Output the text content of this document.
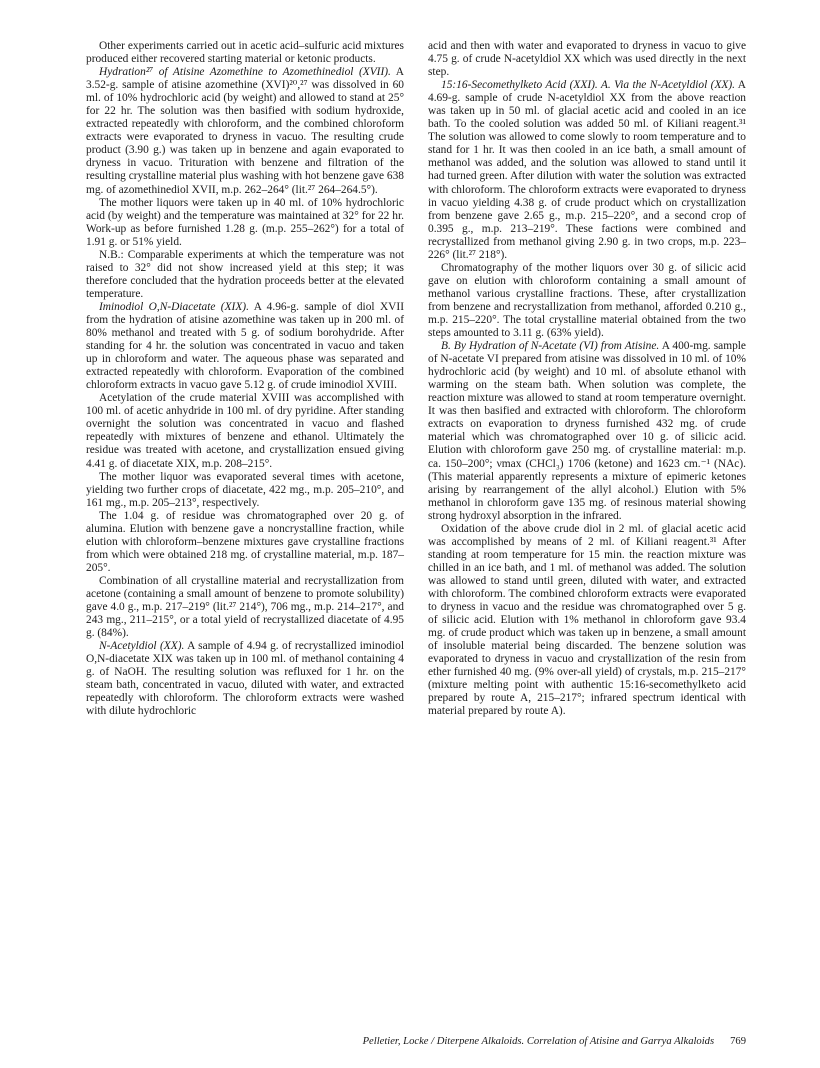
Other experiments carried out in acetic acid–sulfuric acid mixtures produced either recovered starting material or ketonic products.

Hydration²⁷ of Atisine Azomethine to Azomethinediol (XVII). A 3.52-g. sample of atisine azomethine (XVI)²⁰,²⁷ was dissolved in 60 ml. of 10% hydrochloric acid (by weight) and allowed to stand at 25° for 22 hr. The solution was then basified with sodium hydroxide, extracted repeatedly with chloroform, and the combined chloroform extracts were evaporated to dryness in vacuo. The resulting crude product (3.90 g.) was taken up in benzene and again evaporated to dryness in vacuo. Trituration with benzene and filtration of the resulting crystalline material plus washing with hot benzene gave 638 mg. of azomethinediol XVII, m.p. 262–264° (lit.²⁷ 264–264.5°).

The mother liquors were taken up in 40 ml. of 10% hydrochloric acid (by weight) and the temperature was maintained at 32° for 22 hr. Work-up as before furnished 1.28 g. (m.p. 255–262°) for a total of 1.91 g. or 51% yield.

N.B.: Comparable experiments at which the temperature was not raised to 32° did not show increased yield at this step; it was therefore concluded that the hydration proceeds better at the elevated temperature.

Iminodiol O,N-Diacetate (XIX). A 4.96-g. sample of diol XVII from the hydration of atisine azomethine was taken up in 200 ml. of 80% methanol and treated with 5 g. of sodium borohydride. After standing for 4 hr. the solution was concentrated in vacuo and taken up in chloroform and water. The aqueous phase was separated and extracted repeatedly with chloroform. Evaporation of the combined chloroform extracts in vacuo gave 5.12 g. of crude iminodiol XVIII.

Acetylation of the crude material XVIII was accomplished with 100 ml. of acetic anhydride in 100 ml. of dry pyridine. After standing overnight the solution was concentrated in vacuo and flashed repeatedly with mixtures of benzene and ethanol. Ultimately the residue was treated with acetone, and crystallization ensued giving 4.41 g. of diacetate XIX, m.p. 208–215°.

The mother liquor was evaporated several times with acetone, yielding two further crops of diacetate, 422 mg., m.p. 205–210°, and 161 mg., m.p. 205–213°, respectively.

The 1.04 g. of residue was chromatographed over 20 g. of alumina. Elution with benzene gave a noncrystalline fraction, while elution with chloroform–benzene mixtures gave crystalline fractions from which were obtained 218 mg. of crystalline material, m.p. 187–205°.

Combination of all crystalline material and recrystallization from acetone (containing a small amount of benzene to promote solubility) gave 4.0 g., m.p. 217–219° (lit.²⁷ 214°), 706 mg., m.p. 214–217°, and 243 mg., 211–215°, or a total yield of recrystallized diacetate of 4.95 g. (84%).

N-Acetyldiol (XX). A sample of 4.94 g. of recrystallized iminodiol O,N-diacetate XIX was taken up in 100 ml. of methanol containing 4 g. of NaOH. The resulting solution was refluxed for 1 hr. on the steam bath, concentrated in vacuo, diluted with water, and extracted repeatedly with chloroform. The chloroform extracts were washed with dilute hydrochloric

acid and then with water and evaporated to dryness in vacuo to give 4.75 g. of crude N-acetyldiol XX which was used directly in the next step.

15:16-Secomethylketo Acid (XXI). A. Via the N-Acetyldiol (XX). A 4.69-g. sample of crude N-acetyldiol XX from the above reaction was taken up in 50 ml. of glacial acetic acid and cooled in an ice bath. To the cooled solution was added 50 ml. of Kiliani reagent.³¹ The solution was allowed to come slowly to room temperature and to stand for 1 hr. It was then cooled in an ice bath, a small amount of methanol was added, and the solution was allowed to stand until it had turned green. After dilution with water the solution was extracted with chloroform. The chloroform extracts were evaporated to dryness in vacuo yielding 4.38 g. of crude product which on crystallization from benzene gave 2.65 g., m.p. 215–220°, and a second crop of 0.395 g., m.p. 213–219°. These factions were combined and recrystallized from methanol giving 2.90 g. in two crops, m.p. 223–226° (lit.²⁷ 218°).

Chromatography of the mother liquors over 30 g. of silicic acid gave on elution with chloroform containing a small amount of methanol various crystalline fractions. These, after crystallization from benzene and recrystallization from methanol, afforded 0.210 g., m.p. 215–220°. The total crystalline material obtained from the two steps amounted to 3.11 g. (63% yield).

B. By Hydration of N-Acetate (VI) from Atisine. A 400-mg. sample of N-acetate VI prepared from atisine was dissolved in 10 ml. of 10% hydrochloric acid (by weight) and 10 ml. of absolute ethanol with warming on the steam bath. When solution was complete, the reaction mixture was allowed to stand at room temperature overnight. It was then basified and extracted with chloroform. The chloroform extracts on evaporation to dryness furnished 432 mg. of crude material which was chromatographed over 10 g. of silicic acid. Elution with chloroform gave 250 mg. of crystalline material: m.p. ca. 150–200°; νmax (CHCl₃) 1706 (ketone) and 1623 cm.⁻¹ (NAc). (This material apparently represents a mixture of epimeric ketones arising by rearrangement of the allyl alcohol.) Elution with 5% methanol in chloroform gave 135 mg. of resinous material showing strong hydroxyl absorption in the infrared.

Oxidation of the above crude diol in 2 ml. of glacial acetic acid was accomplished by means of 2 ml. of Kiliani reagent.³¹ After standing at room temperature for 15 min. the reaction mixture was chilled in an ice bath, and 1 ml. of methanol was added. The solution was allowed to stand until green, diluted with water, and extracted with chloroform. The combined chloroform extracts were evaporated to dryness in vacuo and the residue was chromatographed over 5 g. of silicic acid. Elution with 1% methanol in chloroform gave 93.4 mg. of crude product which was taken up in benzene, a small amount of insoluble material being discarded. The benzene solution was evaporated to dryness in vacuo and crystallization of the resin from ether furnished 40 mg. (9% over-all yield) of crystals, m.p. 215–217° (mixture melting point with authentic 15:16-secomethylketo acid prepared by route A, 215–217°; infrared spectrum identical with material prepared by route A).

Pelletier, Locke / Diterpene Alkaloids. Correlation of Atisine and Garrya Alkaloids 769
